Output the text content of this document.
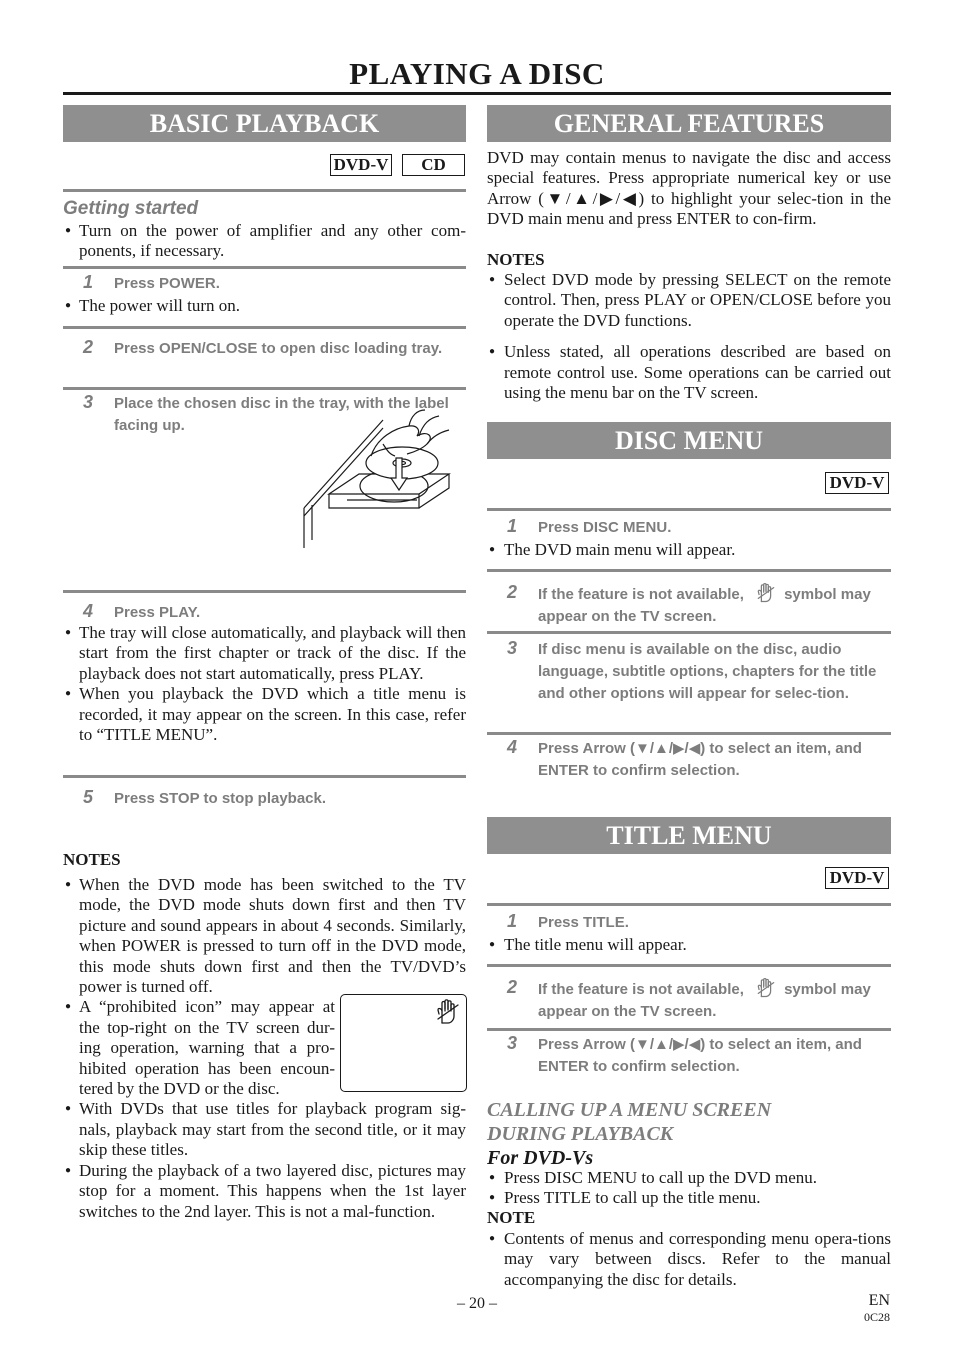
PLAYING A DISC
BASIC PLAYBACK
DVD-V	CD
Getting started

● Turn on the power of amplifier and any other com-ponents, if necessary.

1 Press POWER.

● The power will turn on.

2 Press OPEN/CLOSE to open disc loading tray.
3 Place the chosen disc in the tray, with the label facing up.
4 Press PLAY.

● The tray will close automatically, and playback will then start from the first chapter or track of the disc. If the playback does not start automatically, press PLAY.

● When you playback the DVD which a title menu is recorded, it may appear on the screen. In this case, refer to “TITLE MENU”.

5 Press STOP to stop playback.
NOTES

● When the DVD mode has been switched to the TV mode, the DVD mode shuts down first and then TV picture and sound appears in about 4 seconds. Similarly, when POWER is pressed to turn off in the DVD mode, this mode shuts down first and then the TV/DVD’s power is turned off.

● A “prohibited icon” may appear at the top-right on the TV screen dur-ing operation, warning that a pro-hibited operation has been encoun-tered by the DVD or the disc.

● With DVDs that use titles for playback program sig-nals, playback may start from the second title, or it may skip these titles.

● During the playback of a two layered disc, pictures may stop for a moment. This happens when the 1st layer switches to the 2nd layer. This is not a mal-function.

GENERAL FEATURES

DVD may contain menus to navigate the disc and access special features. Press appropriate numerical key or use Arrow (▼/▲/▶/◀) to highlight your selec-tion in the DVD main menu and press ENTER to con-firm.

NOTES

● Select DVD mode by pressing SELECT on the remote control. Then, press PLAY or OPEN/CLOSE before you operate the DVD functions.

● Unless stated, all operations described are based on remote control use. Some operations can be carried out using the menu bar on the TV screen.

DISC MENU
DVD-V
1 Press DISC MENU.

● The DVD main menu will appear.

2 If the feature is not available,	symbol may appear on the TV screen.
3 If disc menu is available on the disc, audio language, subtitle options, chapters for the title and other options will appear for selec-tion.
4 Press Arrow (▼/▲/▶/◀) to select an item, and ENTER to confirm selection.
TITLE MENU
DVD-V
1 Press TITLE.

● The title menu will appear.

2 If the feature is not available,	symbol may appear on the TV screen.
3 Press Arrow (▼/▲/▶/◀) to select an item, and ENTER to confirm selection.
CALLING UP A MENU SCREEN
DURING PLAYBACK
For DVD-Vs

● Press DISC MENU to call up the DVD menu.

● Press TITLE to call up the title menu.

NOTE

● Contents of menus and corresponding menu opera-tions may vary between discs. Refer to the manual accompanying the disc for details.

– 20 –	EN
0C28
